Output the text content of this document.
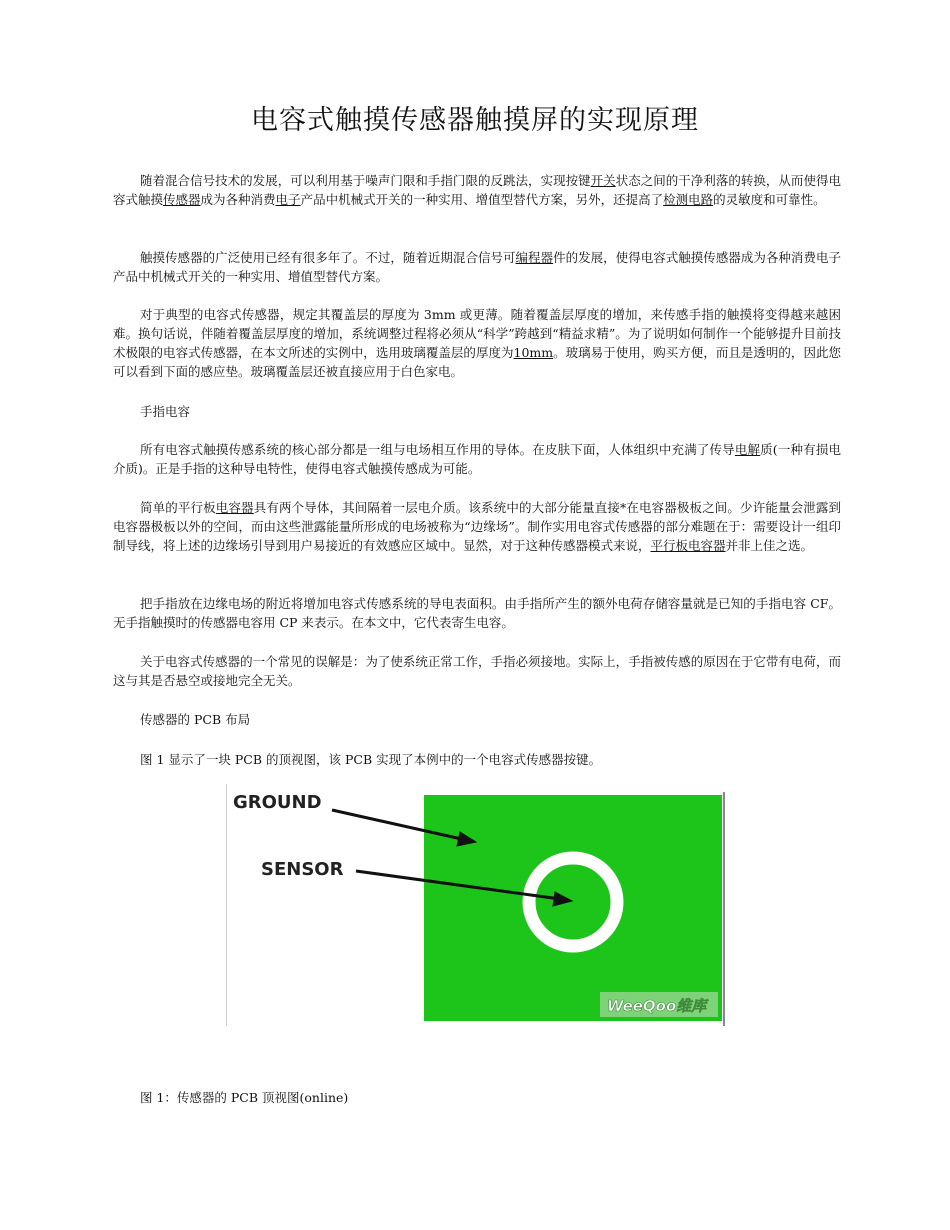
电容式触摸传感器触摸屏的实现原理
随着混合信号技术的发展，可以利用基于噪声门限和手指门限的反跳法，实现按键开关状态之间的干净利落的转换，从而使得电容式触摸传感器成为各种消费电子产品中机械式开关的一种实用、增值型替代方案，另外，还提高了检测电路的灵敏度和可靠性。
触摸传感器的广泛使用已经有很多年了。不过，随着近期混合信号可编程器件的发展，使得电容式触摸传感器成为各种消费电子产品中机械式开关的一种实用、增值型替代方案。
对于典型的电容式传感器，规定其覆盖层的厚度为 3mm 或更薄。随着覆盖层厚度的增加，来传感手指的触摸将变得越来越困难。换句话说，伴随着覆盖层厚度的增加，系统调整过程将必须从“科学”跨越到“精益求精”。为了说明如何制作一个能够提升目前技术极限的电容式传感器，在本文所述的实例中，选用玻璃覆盖层的厚度为10mm。玻璃易于使用，购买方便，而且是透明的，因此您可以看到下面的感应垫。玻璃覆盖层还被直接应用于白色家电。
手指电容
所有电容式触摸传感系统的核心部分都是一组与电场相互作用的导体。在皮肤下面，人体组织中充满了传导电解质(一种有损电介质)。正是手指的这种导电特性，使得电容式触摸传感成为可能。
简单的平行板电容器具有两个导体，其间隔着一层电介质。该系统中的大部分能量直接*在电容器极板之间。少许能量会泄露到电容器极板以外的空间，而由这些泄露能量所形成的电场被称为“边缘场”。制作实用电容式传感器的部分难题在于：需要设计一组印制导线，将上述的边缘场引导到用户易接近的有效感应区域中。显然，对于这种传感器模式来说，平行板电容器并非上佳之选。
把手指放在边缘电场的附近将增加电容式传感系统的导电表面积。由手指所产生的额外电荷存储容量就是已知的手指电容 CF。无手指触摸时的传感器电容用 CP 来表示。在本文中，它代表寄生电容。
关于电容式传感器的一个常见的误解是：为了使系统正常工作，手指必须接地。实际上，手指被传感的原因在于它带有电荷，而这与其是否悬空或接地完全无关。
传感器的 PCB 布局
图 1 显示了一块 PCB 的顶视图，该 PCB 实现了本例中的一个电容式传感器按键。
GROUND
SENSOR
WeeQoo维库
图 1：传感器的 PCB 顶视图(online)
